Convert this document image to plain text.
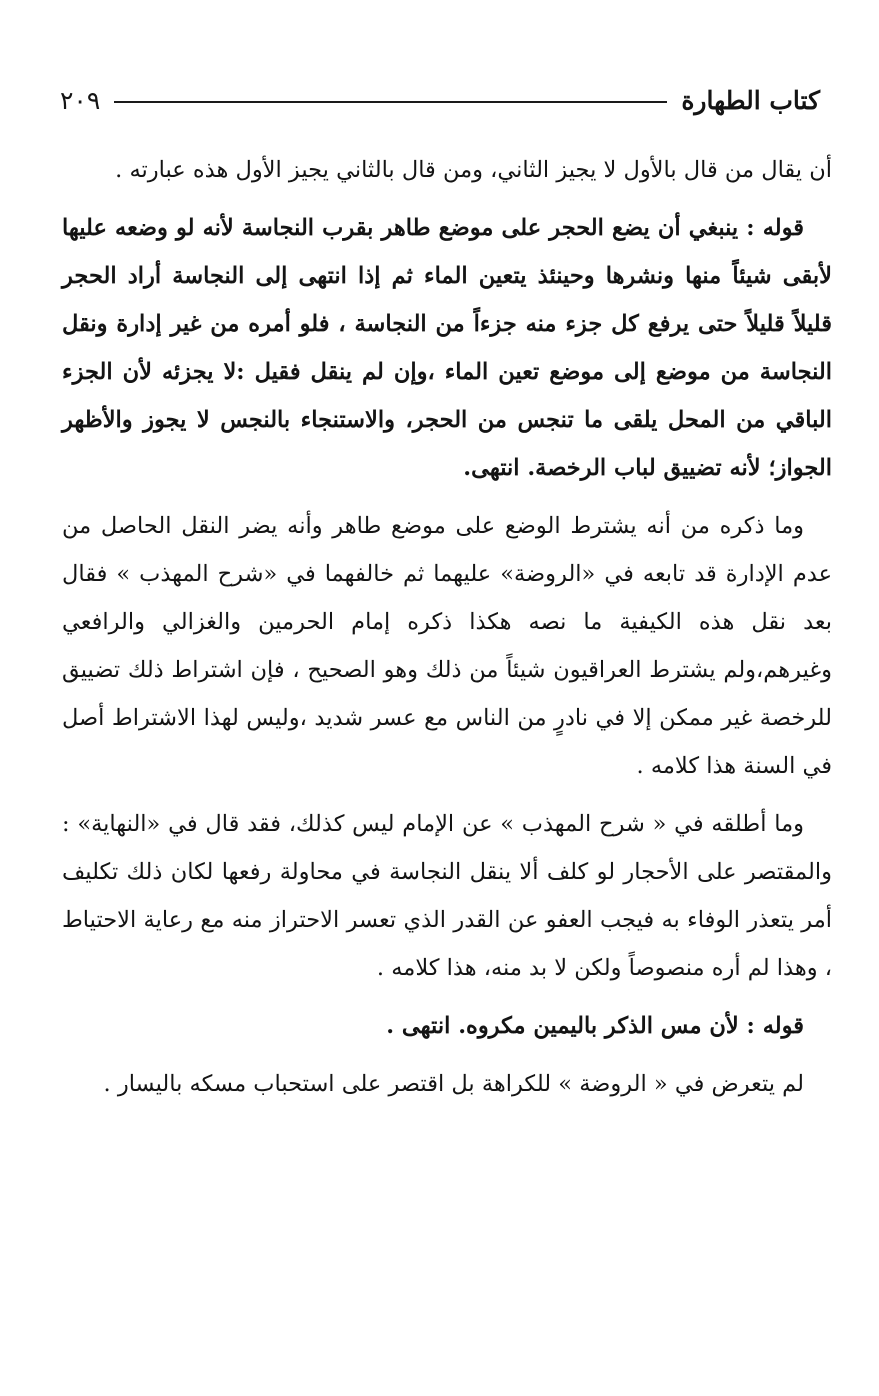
كتاب الطهارة
٢٠٩

أن يقال من قال بالأول لا يجيز الثاني، ومن قال بالثاني يجيز الأول هذه عبارته .

قوله : ينبغي أن يضع الحجر على موضع طاهر بقرب النجاسة لأنه لو وضعه عليها لأبقى شيئاً منها ونشرها وحينئذ يتعين الماء ثم إذا انتهى إلى النجاسة أراد الحجر قليلاً قليلاً حتى يرفع كل جزء منه جزءاً من النجاسة ، فلو أمره من غير إدارة ونقل النجاسة من موضع إلى موضع تعين الماء ،وإن لم ينقل فقيل :لا يجزئه لأن الجزء الباقي من المحل يلقى ما تنجس من الحجر، والاستنجاء بالنجس لا يجوز والأظهر الجواز؛ لأنه تضييق لباب الرخصة. انتهى.

وما ذكره من أنه يشترط الوضع على موضع طاهر وأنه يضر النقل الحاصل من عدم الإدارة قد تابعه في «الروضة» عليهما ثم خالفهما في «شرح المهذب » فقال بعد نقل هذه الكيفية ما نصه هكذا ذكره إمام الحرمين والغزالي والرافعي وغيرهم،ولم يشترط العراقيون شيئاً من ذلك وهو الصحيح ، فإن اشتراط ذلك تضييق للرخصة غير ممكن إلا في نادرٍ من الناس مع عسر شديد ،وليس لهذا الاشتراط أصل في السنة هذا كلامه .

وما أطلقه في « شرح المهذب » عن الإمام ليس كذلك، فقد قال في «النهاية» : والمقتصر على الأحجار لو كلف ألا ينقل النجاسة في محاولة رفعها لكان ذلك تكليف أمر يتعذر الوفاء به فيجب العفو عن القدر الذي تعسر الاحتراز منه مع رعاية الاحتياط ، وهذا لم أره منصوصاً ولكن لا بد منه، هذا كلامه .

قوله : لأن مس الذكر باليمين مكروه. انتهى .

لم يتعرض في « الروضة » للكراهة بل اقتصر على استحباب مسكه باليسار .
